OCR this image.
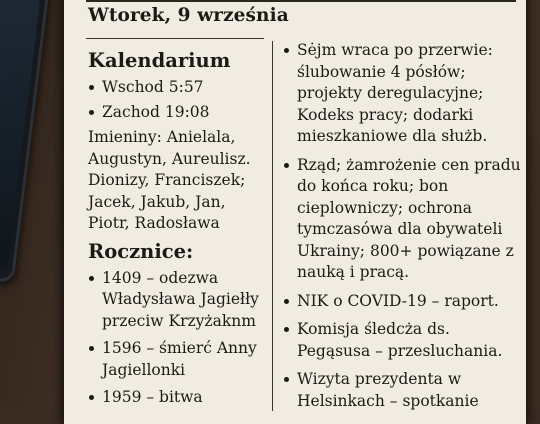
Wtorek, 9 września
Kalendarium
Wschod 5:57
Zachod 19:08
Imieniny: Anielala, Augustyn, Aureulisz. Dionizy, Franciszek; Jacek, Jakub, Jan, Piotr, Radosława
Rocznice:
1409 – odezwa Władysława Jagiełły przeciw Krzyżaknm
1596 – śmierć Anny Jagiellonki
1959 – bitwa
Sėjm wraca po przerwie: ślubowanie 4 pósłów; projekty deregulacyjne; Kodeks pracy; dodarki mieszkaniowe dla służb.
Rząd; żamrożenie cen pradu do końca roku; bon cieplowniczy; ochrona tymczasówa dla obywateli Ukrainy; 800+ powiązane z nauką i pracą.
NIK o COVID-19 – raport.
Komisja śledcża ds. Pegąsusa – przesluchania.
Wizyta prezydenta w Helsinkach – spotkanie
